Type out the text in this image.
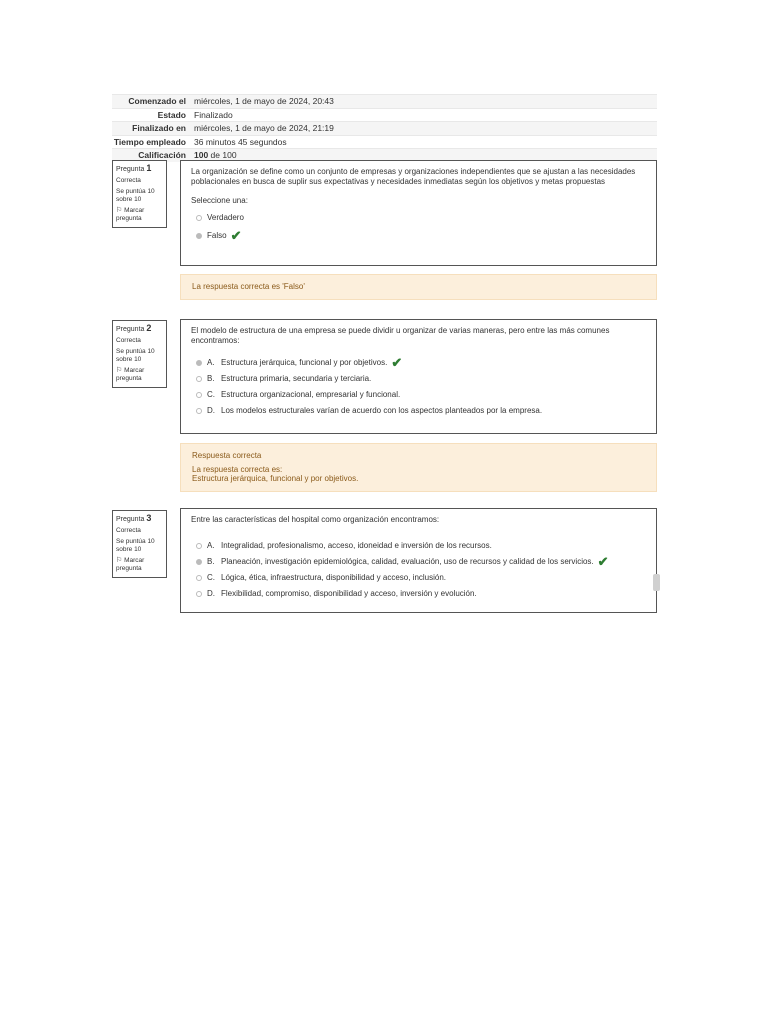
Comenzado el miércoles, 1 de mayo de 2024, 20:43
Estado Finalizado
Finalizado en miércoles, 1 de mayo de 2024, 21:19
Tiempo empleado 36 minutos 45 segundos
Calificación 100 de 100
Pregunta 1
Correcta
Se puntúa 10 sobre 10
⚐ Marcar pregunta
La organización se define como un conjunto de empresas y organizaciones independientes que se ajustan a las necesidades poblacionales en busca de suplir sus expectativas y necesidades inmediatas según los objetivos y metas propuestas
Seleccione una:
Verdadero
Falso ✔
La respuesta correcta es 'Falso'
Pregunta 2
Correcta
Se puntúa 10 sobre 10
⚐ Marcar pregunta
El modelo de estructura de una empresa se puede dividir u organizar de varias maneras, pero entre las más comunes encontramos:
A. Estructura jerárquica, funcional y por objetivos. ✔
B. Estructura primaria, secundaria y terciaria.
C. Estructura organizacional, empresarial y funcional.
D. Los modelos estructurales varían de acuerdo con los aspectos planteados por la empresa.
Respuesta correcta
La respuesta correcta es:
Estructura jerárquica, funcional y por objetivos.
Pregunta 3
Correcta
Se puntúa 10 sobre 10
⚐ Marcar pregunta
Entre las características del hospital como organización encontramos:
A. Integralidad, profesionalismo, acceso, idoneidad e inversión de los recursos.
B. Planeación, investigación epidemiológica, calidad, evaluación, uso de recursos y calidad de los servicios. ✔
C. Lógica, ética, infraestructura, disponibilidad y acceso, inclusión.
D. Flexibilidad, compromiso, disponibilidad y acceso, inversión y evolución.
